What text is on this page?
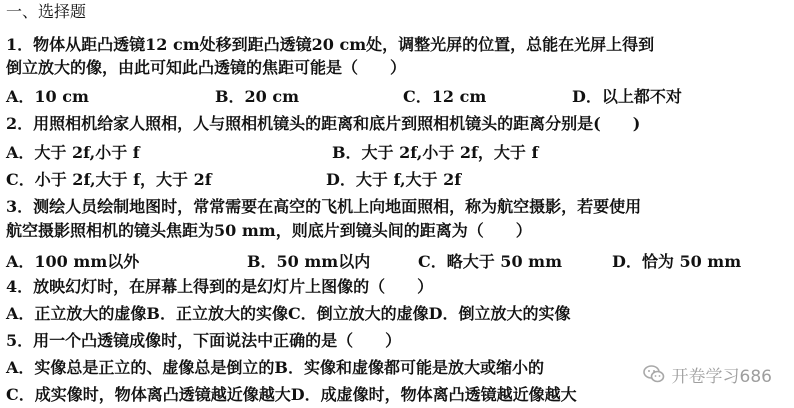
一、选择题
1．物体从距凸透镜12 cm处移到距凸透镜20 cm处，调整光屏的位置，总能在光屏上得到
倒立放大的像，由此可知此凸透镜的焦距可能是（　　）
A．10 cm	B．20 cm	C．12 cm	D．以上都不对
2．用照相机给家人照相，人与照相机镜头的距离和底片到照相机镜头的距离分别是(　　)
A．大于 2f,小于 f	B．大于 2f,小于 2f，大于 f
C．小于 2f,大于 f，大于 2f	D．大于 f,大于 2f
3．测绘人员绘制地图时，常常需要在高空的飞机上向地面照相，称为航空摄影，若要使用
航空摄影照相机的镜头焦距为50 mm，则底片到镜头间的距离为（　　）
A．100 mm以外	B．50 mm以内	C．略大于 50 mm	D．恰为 50 mm
4．放映幻灯时，在屏幕上得到的是幻灯片上图像的（　　）
A．正立放大的虚像B．正立放大的实像C．倒立放大的虚像D．倒立放大的实像
5．用一个凸透镜成像时，下面说法中正确的是（　　）
A．实像总是正立的、虚像总是倒立的B．实像和虚像都可能是放大或缩小的
C．成实像时，物体离凸透镜越近像越大D．成虚像时，物体离凸透镜越近像越大
开卷学习686
